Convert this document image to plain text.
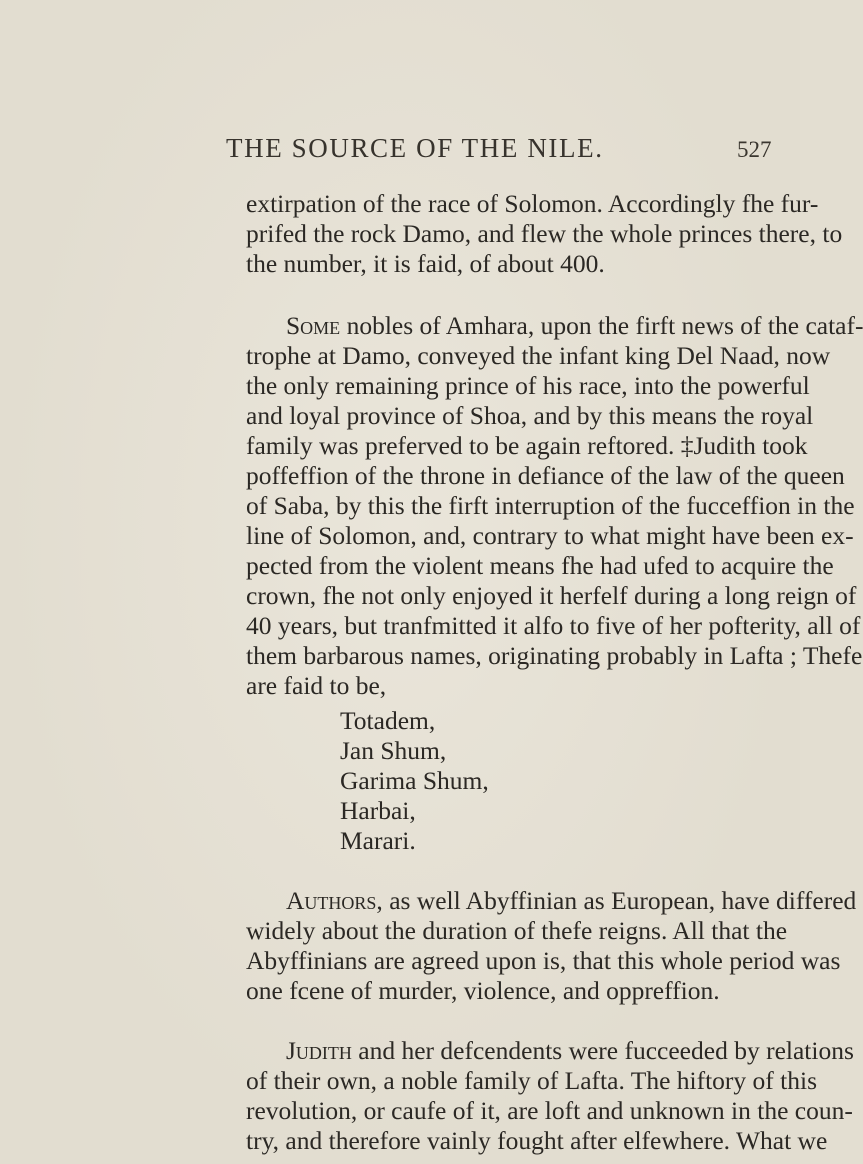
THE SOURCE OF THE NILE.	527
extirpation of the race of Solomon. Accordingly fhe fur-
prifed the rock Damo, and flew the whole princes there, to
the number, it is faid, of about 400.
Some nobles of Amhara, upon the firft news of the cataf-
trophe at Damo, conveyed the infant king Del Naad, now
the only remaining prince of his race, into the powerful
and loyal province of Shoa, and by this means the royal
family was preferved to be again reftored. ‡Judith took
poffeffion of the throne in defiance of the law of the queen
of Saba, by this the firft interruption of the fucceffion in the
line of Solomon, and, contrary to what might have been ex-
pected from the violent means fhe had ufed to acquire the
crown, fhe not only enjoyed it herfelf during a long reign of
40 years, but tranfmitted it alfo to five of her pofterity, all of
them barbarous names, originating probably in Lafta ; Thefe
are faid to be,
Totadem,
Jan Shum,
Garima Shum,
Harbai,
Marari.
Authors, as well Abyffinian as European, have differed
widely about the duration of thefe reigns. All that the
Abyffinians are agreed upon is, that this whole period was
one fcene of murder, violence, and oppreffion.
Judith and her defcendents were fucceeded by relations
of their own, a noble family of Lafta. The hiftory of this
revolution, or caufe of it, are loft and unknown in the coun-
try, and therefore vainly fought after elfewhere. What we
